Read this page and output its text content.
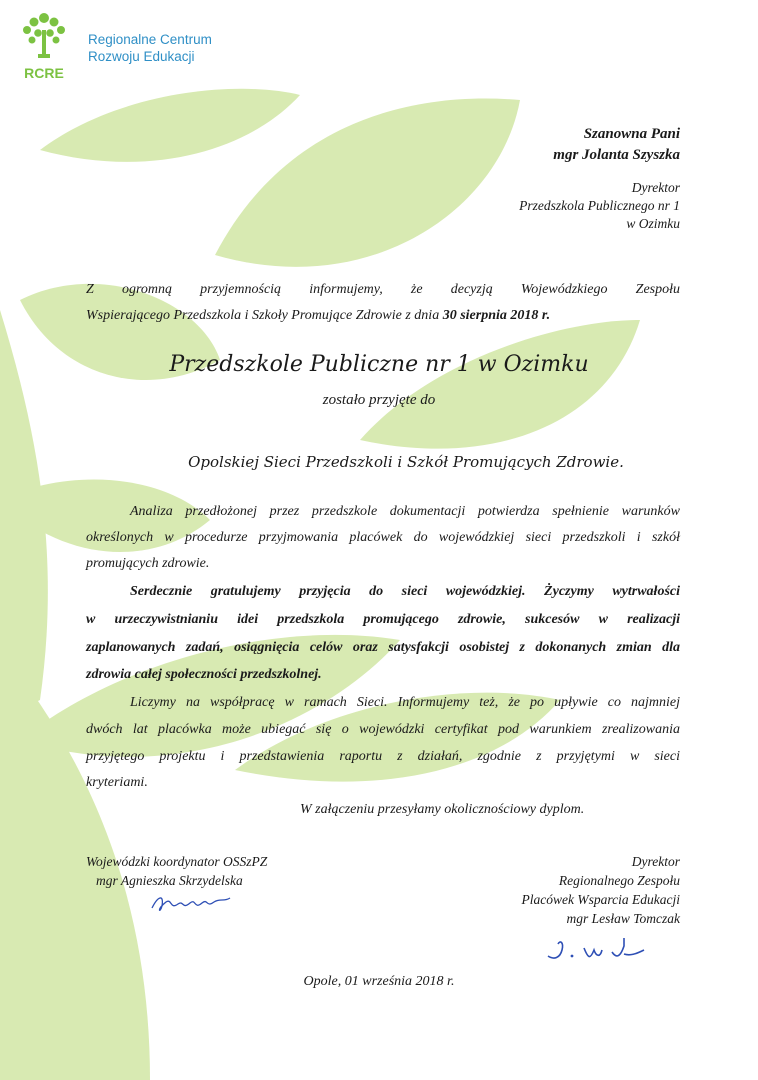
RCRE
Regionalne Centrum
Rozwoju Edukacji
Szanowna Pani
mgr Jolanta Szyszka
Dyrektor
Przedszkola Publicznego nr 1
w Ozimku
Z ogromną przyjemnością informujemy, że decyzją Wojewódzkiego Zespołu
Wspierającego Przedszkola i Szkoły Promujące Zdrowie z dnia 30 sierpnia 2018 r.
Przedszkole Publiczne nr 1 w Ozimku
zostało przyjęte do
Opolskiej Sieci Przedszkoli i Szkół Promujących Zdrowie.
Analiza przedłożonej przez przedszkole dokumentacji potwierdza spełnienie warunków
określonych w procedurze przyjmowania placówek do wojewódzkiej sieci przedszkoli i szkół
promujących zdrowie.
Serdecznie gratulujemy przyjęcia do sieci wojewódzkiej. Życzymy wytrwałości
w urzeczywistnianiu idei przedszkola promującego zdrowie, sukcesów w realizacji
zaplanowanych zadań, osiągnięcia celów oraz satysfakcji osobistej z dokonanych zmian dla
zdrowia całej społeczności przedszkolnej.
Liczymy na współpracę w ramach Sieci. Informujemy też, że po upływie co najmniej
dwóch lat placówka może ubiegać się o wojewódzki certyfikat pod warunkiem zrealizowania
przyjętego projektu i przedstawienia raportu z działań, zgodnie z przyjętymi w sieci
kryteriami.
W załączeniu przesyłamy okolicznościowy dyplom.
Wojewódzki koordynator OSSzPZ
mgr Agnieszka Skrzydelska
Dyrektor
Regionalnego Zespołu
Placówek Wsparcia Edukacji
mgr Lesław Tomczak
Opole, 01 września 2018 r.
